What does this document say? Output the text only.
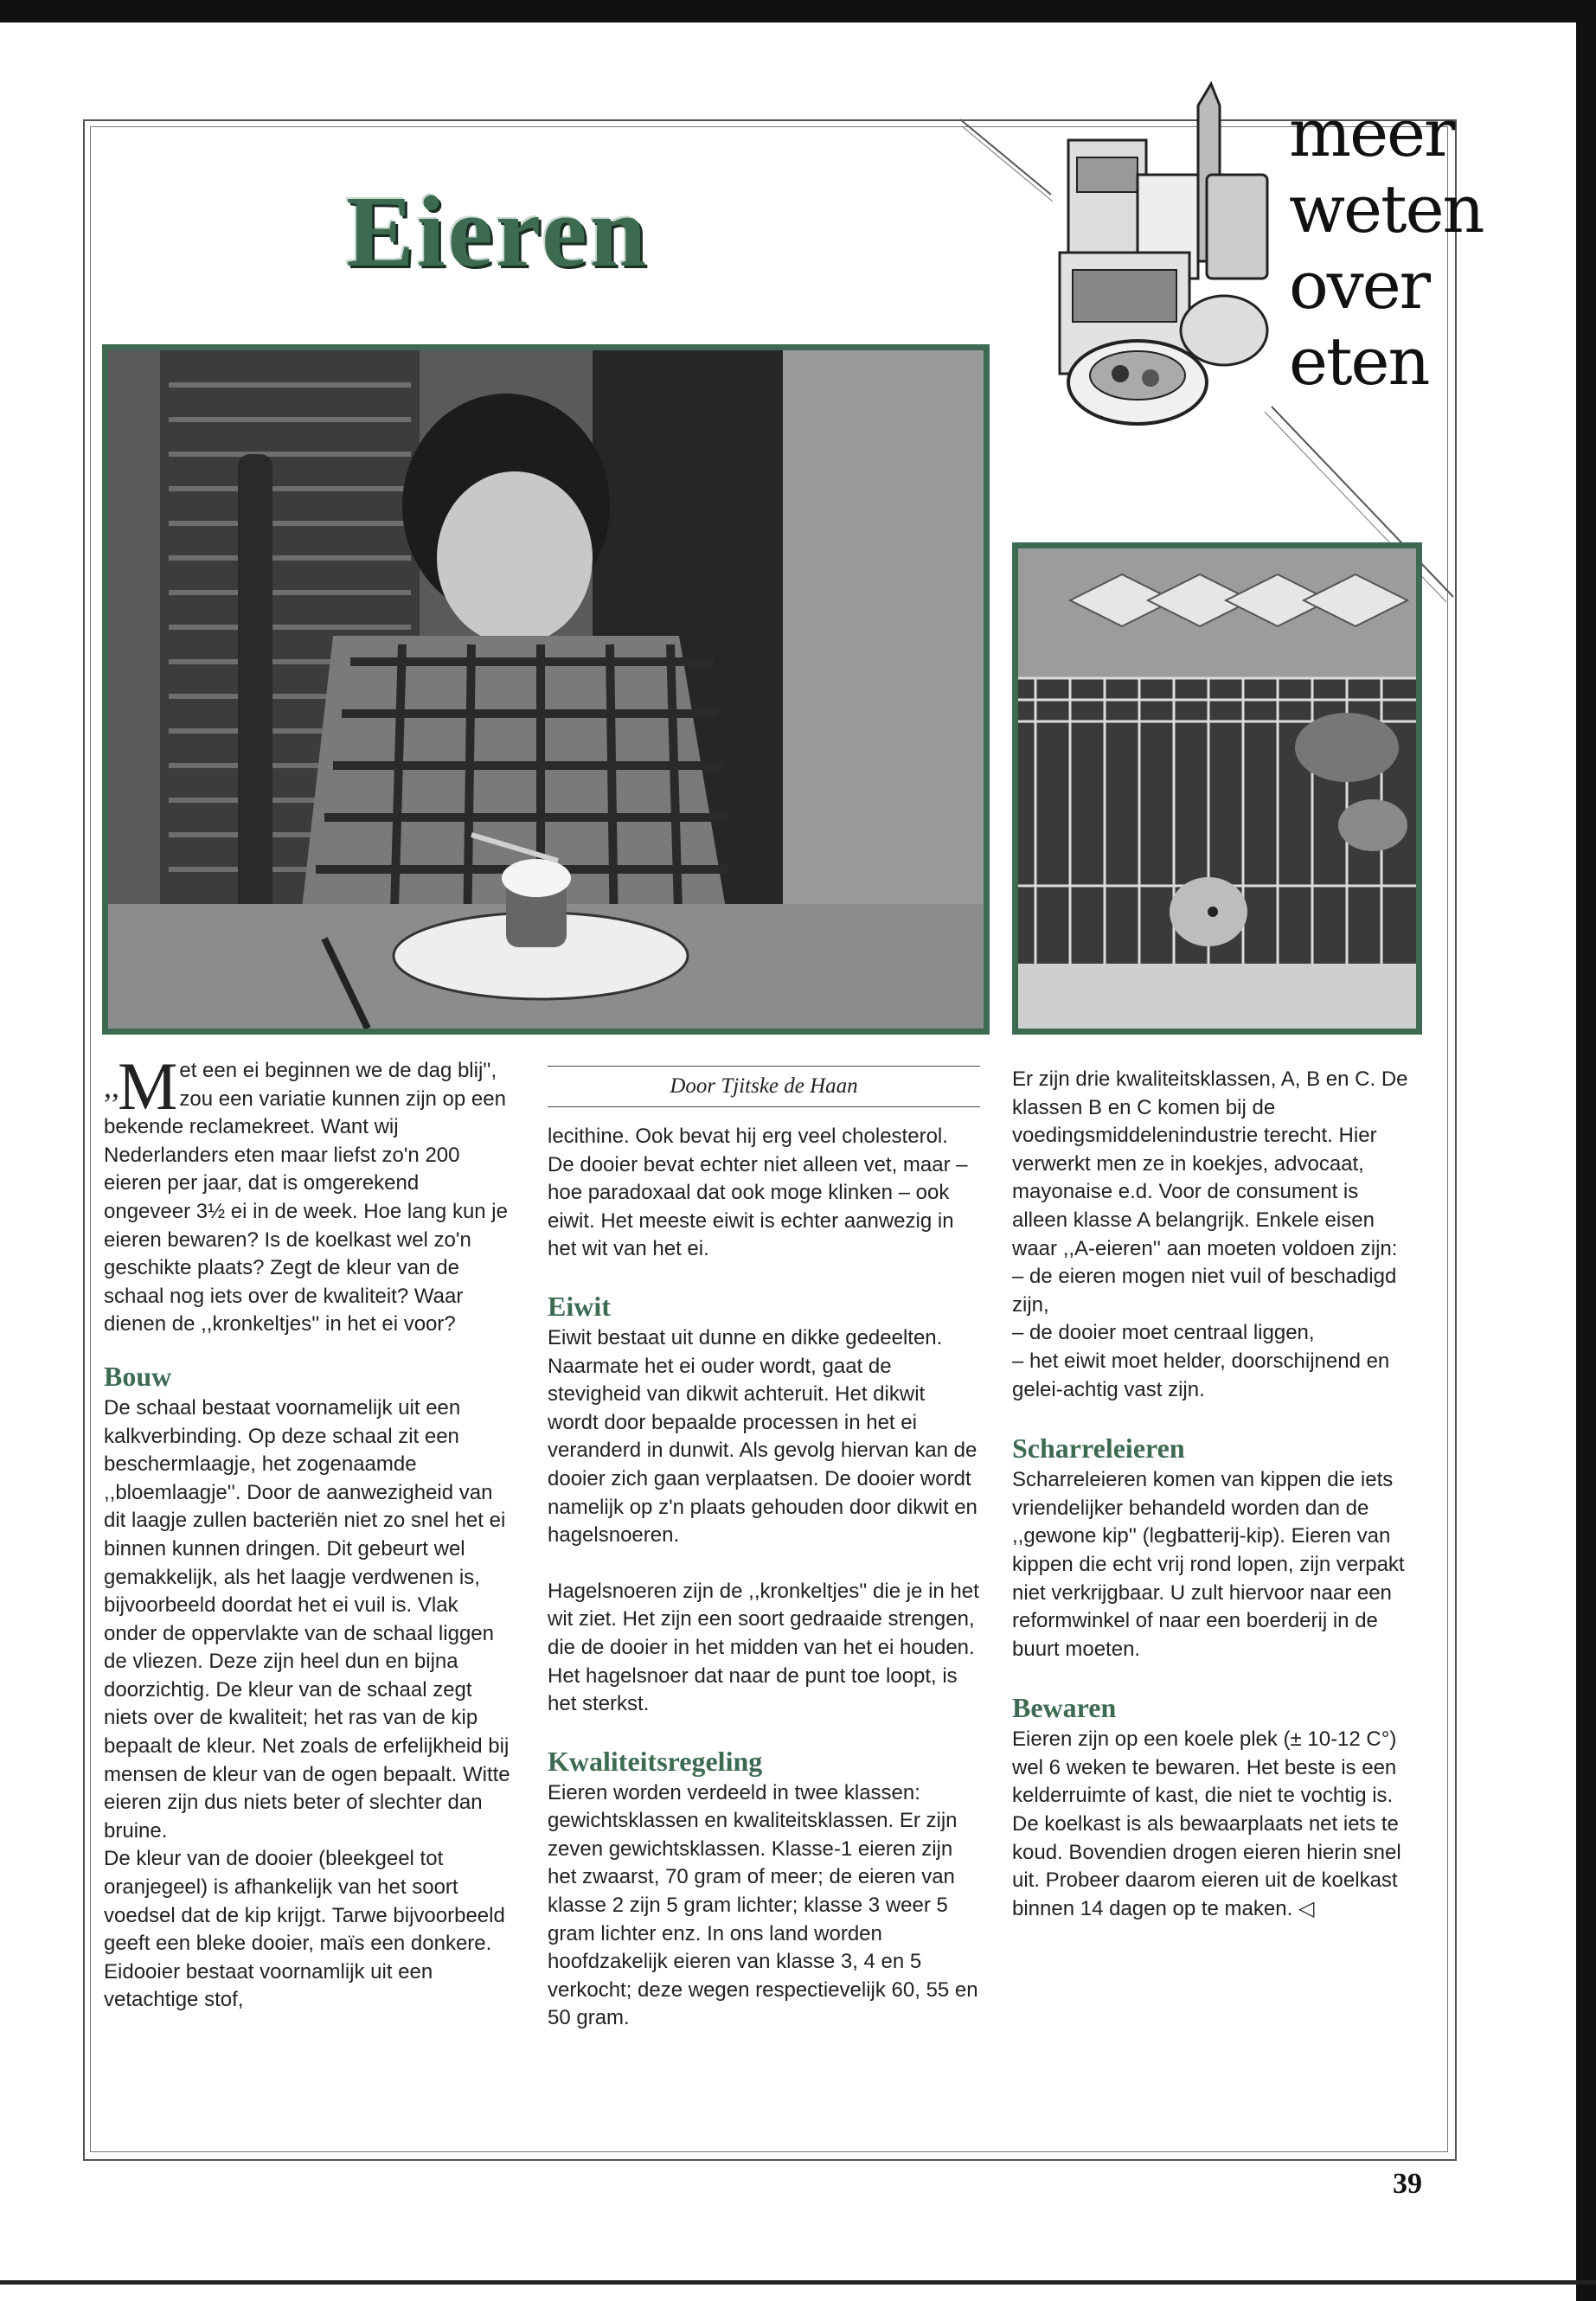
Eieren
meer
weten
over
eten

,,M et een ei beginnen we de dag blij'', zou een variatie kunnen zijn op een bekende reclamekreet. Want wij Nederlanders eten maar liefst zo'n 200 eieren per jaar, dat is omgerekend ongeveer 3½ ei in de week. Hoe lang kun je eieren bewaren? Is de koelkast wel zo'n geschikte plaats? Zegt de kleur van de schaal nog iets over de kwaliteit? Waar dienen de ,,kronkeltjes'' in het ei voor?

Bouw

De schaal bestaat voornamelijk uit een kalkverbinding. Op deze schaal zit een beschermlaagje, het zogenaamde ,,bloemlaagje''. Door de aanwezigheid van dit laagje zullen bacteriën niet zo snel het ei binnen kunnen dringen. Dit gebeurt wel gemakkelijk, als het laagje verdwenen is, bijvoorbeeld doordat het ei vuil is. Vlak onder de oppervlakte van de schaal liggen de vliezen. Deze zijn heel dun en bijna doorzichtig. De kleur van de schaal zegt niets over de kwaliteit; het ras van de kip bepaalt de kleur. Net zoals de erfelijkheid bij mensen de kleur van de ogen bepaalt. Witte eieren zijn dus niets beter of slechter dan bruine.

De kleur van de dooier (bleekgeel tot oranjegeel) is afhankelijk van het soort voedsel dat de kip krijgt. Tarwe bijvoorbeeld geeft een bleke dooier, maïs een donkere. Eidooier bestaat voornamlijk uit een vetachtige stof,

Door Tjitske de Haan

lecithine. Ook bevat hij erg veel cholesterol. De dooier bevat echter niet alleen vet, maar – hoe paradoxaal dat ook moge klinken – ook eiwit. Het meeste eiwit is echter aanwezig in het wit van het ei.

Eiwit

Eiwit bestaat uit dunne en dikke gedeelten. Naarmate het ei ouder wordt, gaat de stevigheid van dikwit achteruit. Het dikwit wordt door bepaalde processen in het ei veranderd in dunwit. Als gevolg hiervan kan de dooier zich gaan verplaatsen. De dooier wordt namelijk op z'n plaats gehouden door dikwit en hagelsnoeren.

Hagelsnoeren zijn de ,,kronkeltjes'' die je in het wit ziet. Het zijn een soort gedraaide strengen, die de dooier in het midden van het ei houden. Het hagelsnoer dat naar de punt toe loopt, is het sterkst.

Kwaliteitsregeling

Eieren worden verdeeld in twee klassen: gewichtsklassen en kwaliteitsklassen. Er zijn zeven gewichtsklassen. Klasse-1 eieren zijn het zwaarst, 70 gram of meer; de eieren van klasse 2 zijn 5 gram lichter; klasse 3 weer 5 gram lichter enz. In ons land worden hoofdzakelijk eieren van klasse 3, 4 en 5 verkocht; deze wegen respectievelijk 60, 55 en 50 gram.

Er zijn drie kwaliteitsklassen, A, B en C. De klassen B en C komen bij de voedingsmiddelenindustrie terecht. Hier verwerkt men ze in koekjes, advocaat, mayonaise e.d. Voor de consument is alleen klasse A belangrijk. Enkele eisen waar ,,A-eieren'' aan moeten voldoen zijn:

– de eieren mogen niet vuil of beschadigd zijn,

– de dooier moet centraal liggen,

– het eiwit moet helder, doorschijnend en gelei-achtig vast zijn.

Scharreleieren

Scharreleieren komen van kippen die iets vriendelijker behandeld worden dan de ,,gewone kip'' (legbatterij-kip). Eieren van kippen die echt vrij rond lopen, zijn verpakt niet verkrijgbaar. U zult hiervoor naar een reformwinkel of naar een boerderij in de buurt moeten.

Bewaren

Eieren zijn op een koele plek (± 10-12 C°) wel 6 weken te bewaren. Het beste is een kelderruimte of kast, die niet te vochtig is. De koelkast is als bewaarplaats net iets te koud. Bovendien drogen eieren hierin snel uit. Probeer daarom eieren uit de koelkast binnen 14 dagen op te maken. ◁

39
